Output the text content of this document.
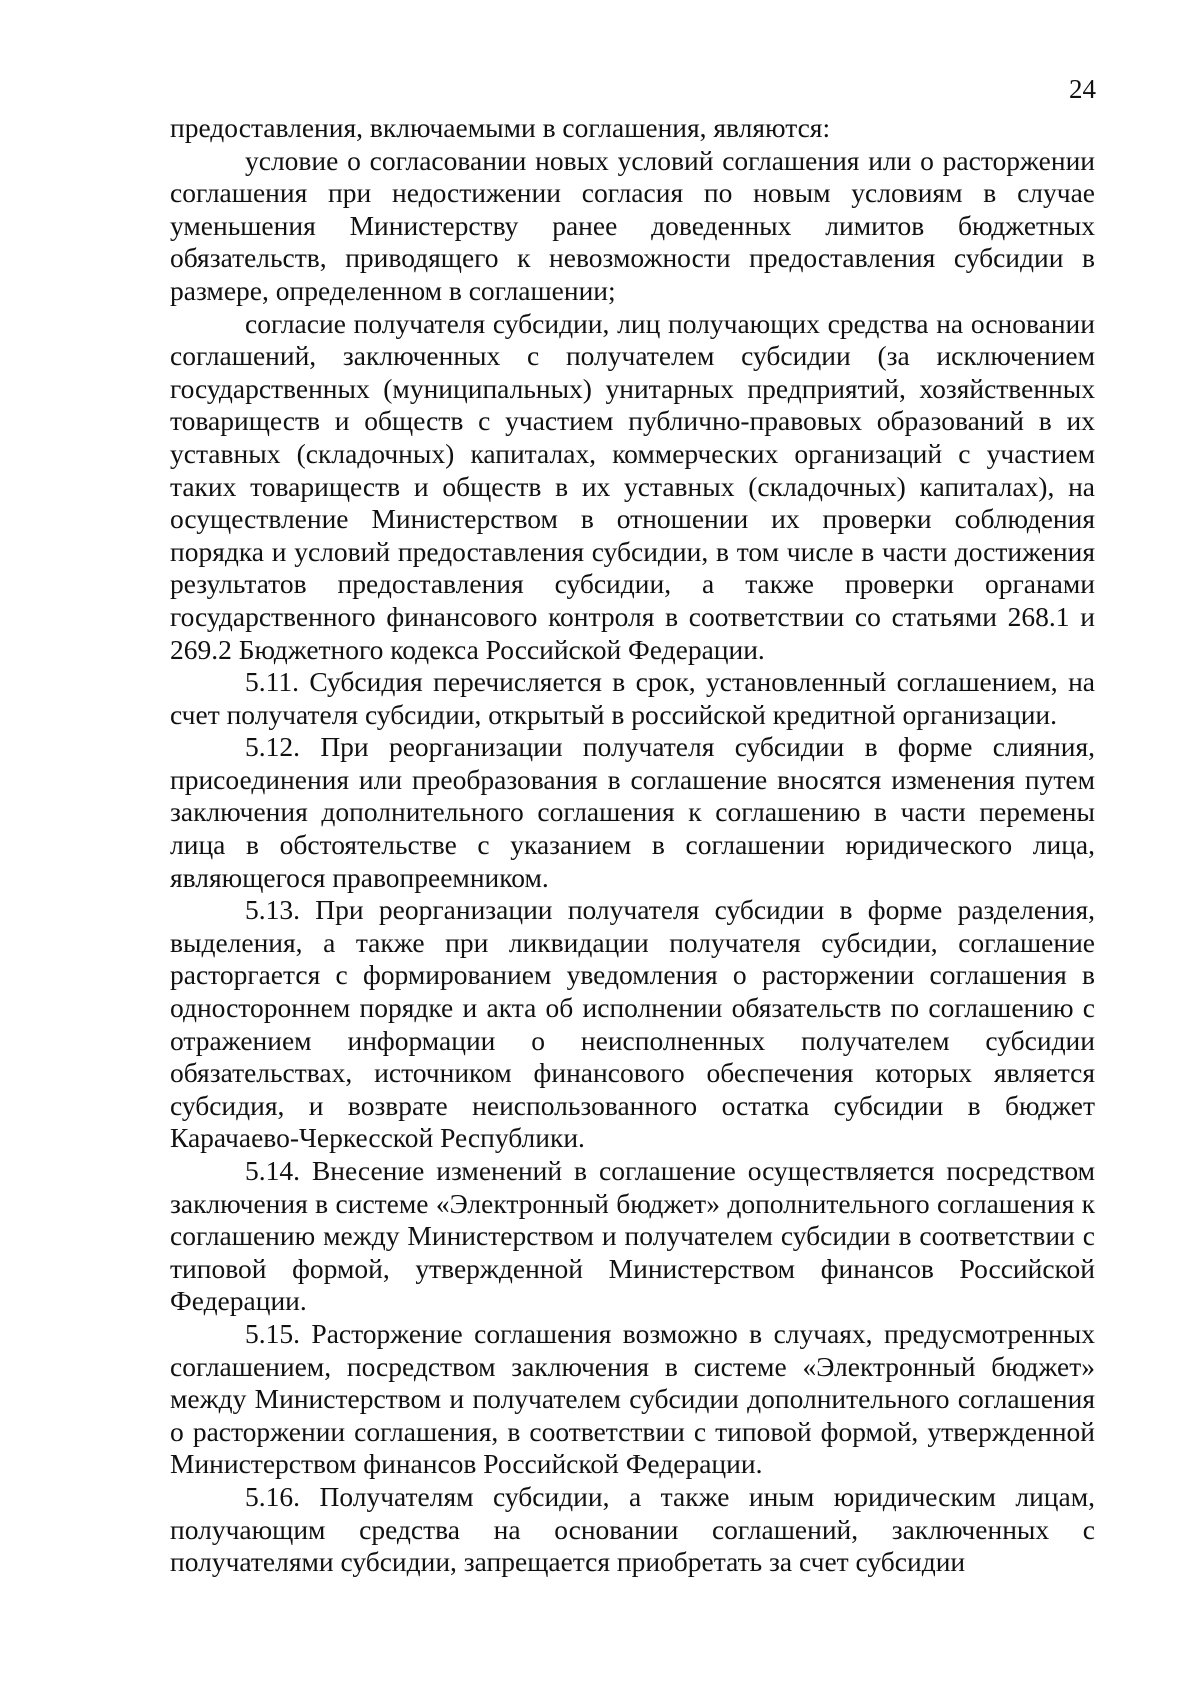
24

предоставления, включаемыми в соглашения, являются:

условие о согласовании новых условий соглашения или о расторжении соглашения при недостижении согласия по новым условиям в случае уменьшения Министерству ранее доведенных лимитов бюджетных обязательств, приводящего к невозможности предоставления субсидии в размере, определенном в соглашении;

согласие получателя субсидии, лиц получающих средства на основании соглашений, заключенных с получателем субсидии (за исключением государственных (муниципальных) унитарных предприятий, хозяйственных товариществ и обществ с участием публично-правовых образований в их уставных (складочных) капиталах, коммерческих организаций с участием таких товариществ и обществ в их уставных (складочных) капиталах), на осуществление Министерством в отношении их проверки соблюдения порядка и условий предоставления субсидии, в том числе в части достижения результатов предоставления субсидии, а также проверки органами государственного финансового контроля в соответствии со статьями 268.1 и 269.2 Бюджетного кодекса Российской Федерации.

5.11. Субсидия перечисляется в срок, установленный соглашением, на счет получателя субсидии, открытый в российской кредитной организации.

5.12. При реорганизации получателя субсидии в форме слияния, присоединения или преобразования в соглашение вносятся изменения путем заключения дополнительного соглашения к соглашению в части перемены лица в обстоятельстве с указанием в соглашении юридического лица, являющегося правопреемником.

5.13. При реорганизации получателя субсидии в форме разделения, выделения, а также при ликвидации получателя субсидии, соглашение расторгается с формированием уведомления о расторжении соглашения в одностороннем порядке и акта об исполнении обязательств по соглашению с отражением информации о неисполненных получателем субсидии обязательствах, источником финансового обеспечения которых является субсидия, и возврате неиспользованного остатка субсидии в бюджет Карачаево-Черкесской Республики.

5.14. Внесение изменений в соглашение осуществляется посредством заключения в системе «Электронный бюджет» дополнительного соглашения к соглашению между Министерством и получателем субсидии в соответствии с типовой формой, утвержденной Министерством финансов Российской Федерации.

5.15. Расторжение соглашения возможно в случаях, предусмотренных соглашением, посредством заключения в системе «Электронный бюджет» между Министерством и получателем субсидии дополнительного соглашения о расторжении соглашения, в соответствии с типовой формой, утвержденной Министерством финансов Российской Федерации.

5.16. Получателям субсидии, а также иным юридическим лицам, получающим средства на основании соглашений, заключенных с получателями субсидии, запрещается приобретать за счет субсидии
